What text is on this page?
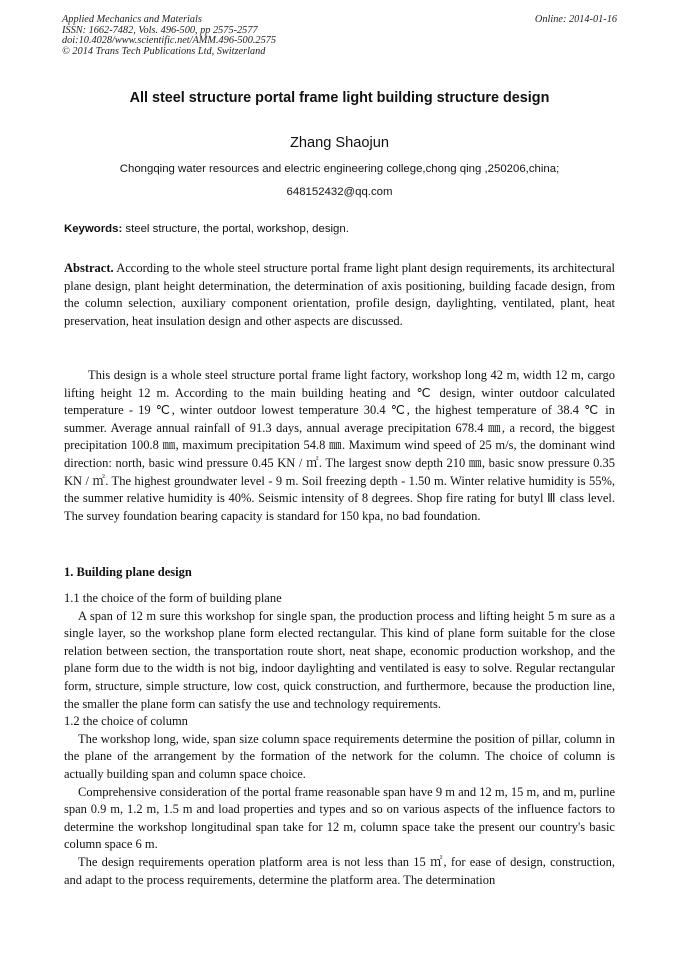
Applied Mechanics and Materials
ISSN: 1662-7482, Vols. 496-500, pp 2575-2577
doi:10.4028/www.scientific.net/AMM.496-500.2575
© 2014 Trans Tech Publications Ltd, Switzerland
Online: 2014-01-16
All steel structure portal frame light building structure design
Zhang Shaojun
Chongqing water resources and electric engineering college,chong qing ,250206,china;
648152432@qq.com
Keywords: steel structure, the portal, workshop, design.

Abstract. According to the whole steel structure portal frame light plant design requirements, its architectural plane design, plant height determination, the determination of axis positioning, building facade design, from the column selection, auxiliary component orientation, profile design, daylighting, ventilated, plant, heat preservation, heat insulation design and other aspects are discussed.

This design is a whole steel structure portal frame light factory, workshop long 42 m, width 12 m, cargo lifting height 12 m. According to the main building heating and ℃ design, winter outdoor calculated temperature - 19 ℃, winter outdoor lowest temperature 30.4 ℃, the highest temperature of 38.4 ℃ in summer. Average annual rainfall of 91.3 days, annual average precipitation 678.4 ㎜, a record, the biggest precipitation 100.8 ㎜, maximum precipitation 54.8 ㎜. Maximum wind speed of 25 m/s, the dominant wind direction: north, basic wind pressure 0.45 KN / ㎡. The largest snow depth 210 ㎜, basic snow pressure 0.35 KN / ㎡. The highest groundwater level - 9 m. Soil freezing depth - 1.50 m. Winter relative humidity is 55%, the summer relative humidity is 40%. Seismic intensity of 8 degrees. Shop fire rating for butyl Ⅲ class level. The survey foundation bearing capacity is standard for 150 kpa, no bad foundation.

1. Building plane design

1.1 the choice of the form of building plane

A span of 12 m sure this workshop for single span, the production process and lifting height 5 m sure as a single layer, so the workshop plane form elected rectangular. This kind of plane form suitable for the close relation between section, the transportation route short, neat shape, economic production workshop, and the plane form due to the width is not big, indoor daylighting and ventilated is easy to solve. Regular rectangular form, structure, simple structure, low cost, quick construction, and furthermore, because the production line, the smaller the plane form can satisfy the use and technology requirements.

1.2 the choice of column

The workshop long, wide, span size column space requirements determine the position of pillar, column in the plane of the arrangement by the formation of the network for the column. The choice of column is actually building span and column space choice.

Comprehensive consideration of the portal frame reasonable span have 9 m and 12 m, 15 m, and m, purline span 0.9 m, 1.2 m, 1.5 m and load properties and types and so on various aspects of the influence factors to determine the workshop longitudinal span take for 12 m, column space take the present our country's basic column space 6 m.

The design requirements operation platform area is not less than 15 ㎡, for ease of design, construction, and adapt to the process requirements, determine the platform area. The determination
